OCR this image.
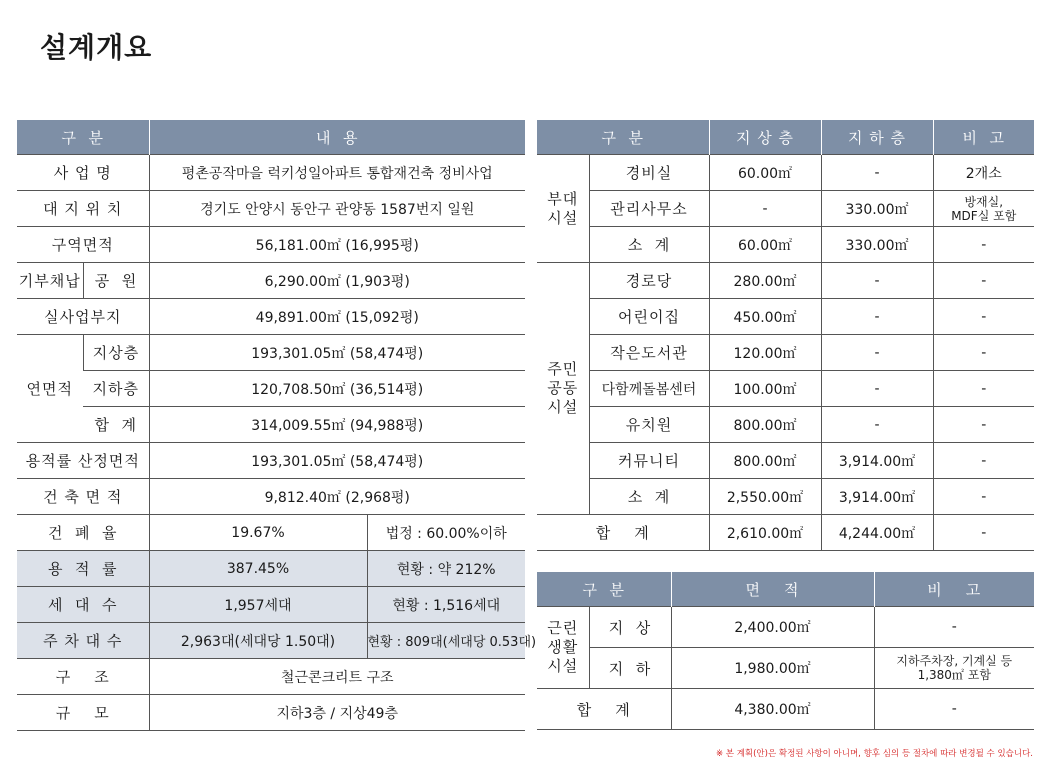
설계개요
구  분		내  용	
사 업 명		평촌공작마을 럭키성일아파트 통합재건축 정비사업	
대 지 위 치		경기도 안양시 동안구 관양동 1587번지 일원	
구역면적		56,181.00㎡ (16,995평)	
기부채납	공  원	6,290.00㎡ (1,903평)	
실사업부지		49,891.00㎡ (15,092평)	
연면적	지상층	193,301.05㎡ (58,474평)	
	지하층	120,708.50㎡ (36,514평)	
	합  계	314,009.55㎡ (94,988평)	
용적률 산정면적		193,301.05㎡ (58,474평)	
건 축 면 적		9,812.40㎡ (2,968평)	
건  폐  율		19.67%	법정 : 60.00%이하
용  적  률		387.45%	현황 : 약 212%
세  대  수		1,957세대	현황 : 1,516세대
주 차 대 수		2,963대(세대당 1.50대)	현황 : 809대(세대당 0.53대)
구    조		철근콘크리트 구조	
규    모		지하3층 / 지상49층	
구  분		지 상 층	지 하 층	비  고
부대
시설	경비실	60.00㎡	-	2개소
	관리사무소	-	330.00㎡	방재실,
MDF실 포함
	소  계	60.00㎡	330.00㎡	-
주민
공동
시설	경로당	280.00㎡	-	-
	어린이집	450.00㎡	-	-
	작은도서관	120.00㎡	-	-
	다함께돌봄센터	100.00㎡	-	-
	유치원	800.00㎡	-	-
	커뮤니티	800.00㎡	3,914.00㎡	-
	소  계	2,550.00㎡	3,914.00㎡	-
합    계		2,610.00㎡	4,244.00㎡	-
구  분		면    적	비    고
근린
생활
시설	지  상	2,400.00㎡	-
	지  하	1,980.00㎡	지하주차장, 기계실 등
1,380㎡ 포함
합    계		4,380.00㎡	-
※ 본 계획(안)은 확정된 사항이 아니며, 향후 심의 등 절차에 따라 변경될 수 있습니다.
